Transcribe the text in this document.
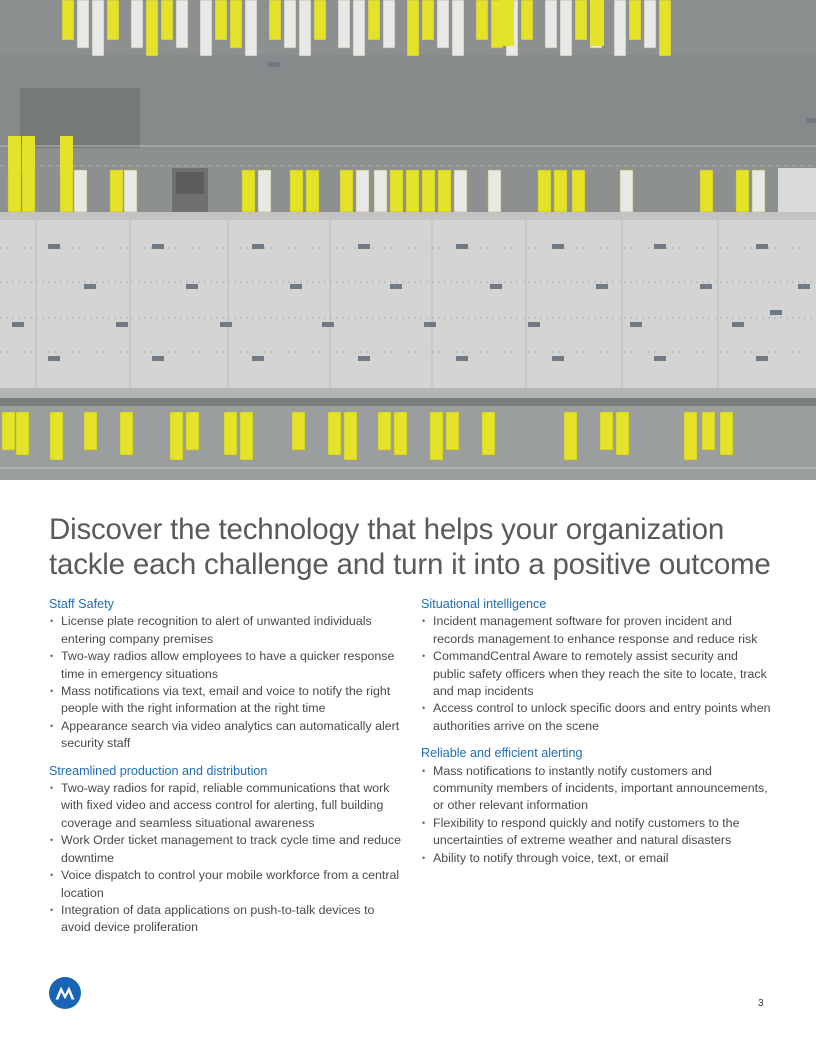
Discover the technology that helps your organization tackle each challenge and turn it into a positive outcome
Staff Safety
• License plate recognition to alert of unwanted individuals entering company premises
• Two-way radios allow employees to have a quicker response time in emergency situations
• Mass notifications via text, email and voice to notify the right people with the right information at the right time
• Appearance search via video analytics can automatically alert security staff
Streamlined production and distribution
• Two-way radios for rapid, reliable communications that work with fixed video and access control for alerting, full building coverage and seamless situational awareness
• Work Order ticket management to track cycle time and reduce downtime
• Voice dispatch to control your mobile workforce from a central location
• Integration of data applications on push-to-talk devices to avoid device proliferation
Situational intelligence
• Incident management software for proven incident and records management to enhance response and reduce risk
• CommandCentral Aware to remotely assist security and public safety officers when they reach the site to locate, track and map incidents
• Access control to unlock specific doors and entry points when authorities arrive on the scene
Reliable and efficient alerting
• Mass notifications to instantly notify customers and community members of incidents, important announcements, or other relevant information
• Flexibility to respond quickly and notify customers to the uncertainties of extreme weather and natural disasters
• Ability to notify through voice, text, or email
3
